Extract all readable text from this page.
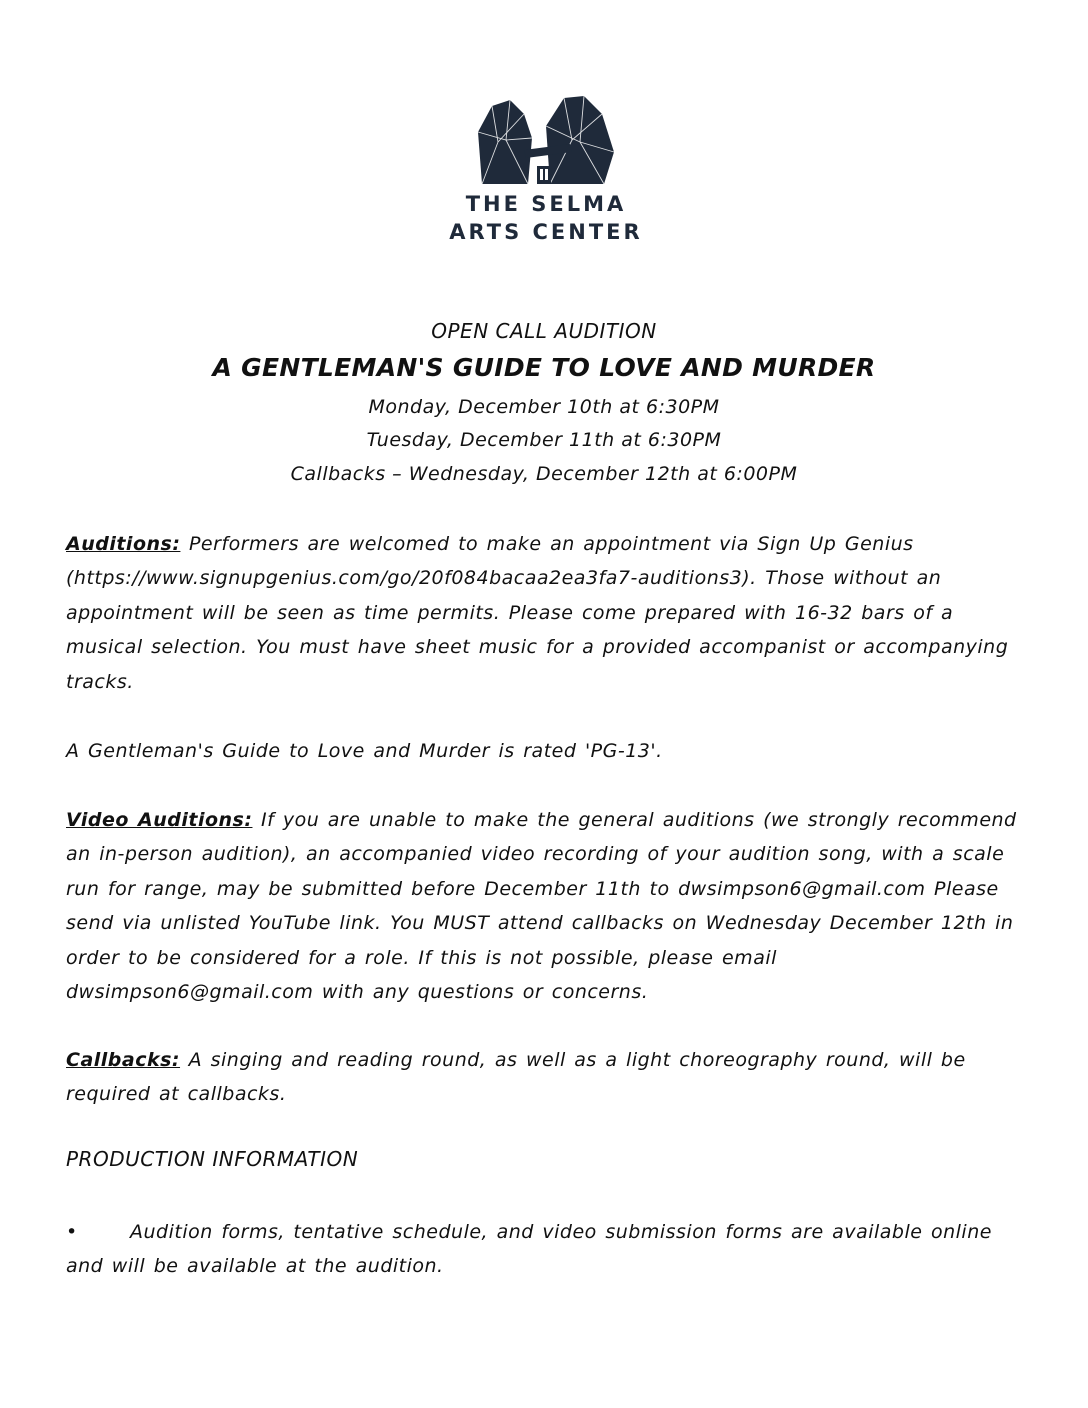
THE SELMA

ARTS CENTER

OPEN CALL AUDITION
A GENTLEMAN'S GUIDE TO LOVE AND MURDER
Monday, December 10th at 6:30PM
Tuesday, December 11th at 6:30PM
Callbacks – Wednesday, December 12th at 6:00PM

Auditions: Performers are welcomed to make an appointment via Sign Up Genius (https://www.signupgenius.com/go/20f084bacaa2ea3fa7-auditions3). Those without an appointment will be seen as time permits. Please come prepared with 16-32 bars of a musical selection. You must have sheet music for a provided accompanist or accompanying tracks.

A Gentleman's Guide to Love and Murder is rated 'PG-13'.

Video Auditions: If you are unable to make the general auditions (we strongly recommend an in-person audition), an accompanied video recording of your audition song, with a scale run for range, may be submitted before December 11th to dwsimpson6@gmail.com Please send via unlisted YouTube link. You MUST attend callbacks on Wednesday December 12th in order to be considered for a role. If this is not possible, please email dwsimpson6@gmail.com with any questions or concerns.

Callbacks: A singing and reading round, as well as a light choreography round, will be required at callbacks.

PRODUCTION INFORMATION

•	Audition forms, tentative schedule, and video submission forms are available online and will be available at the audition.
